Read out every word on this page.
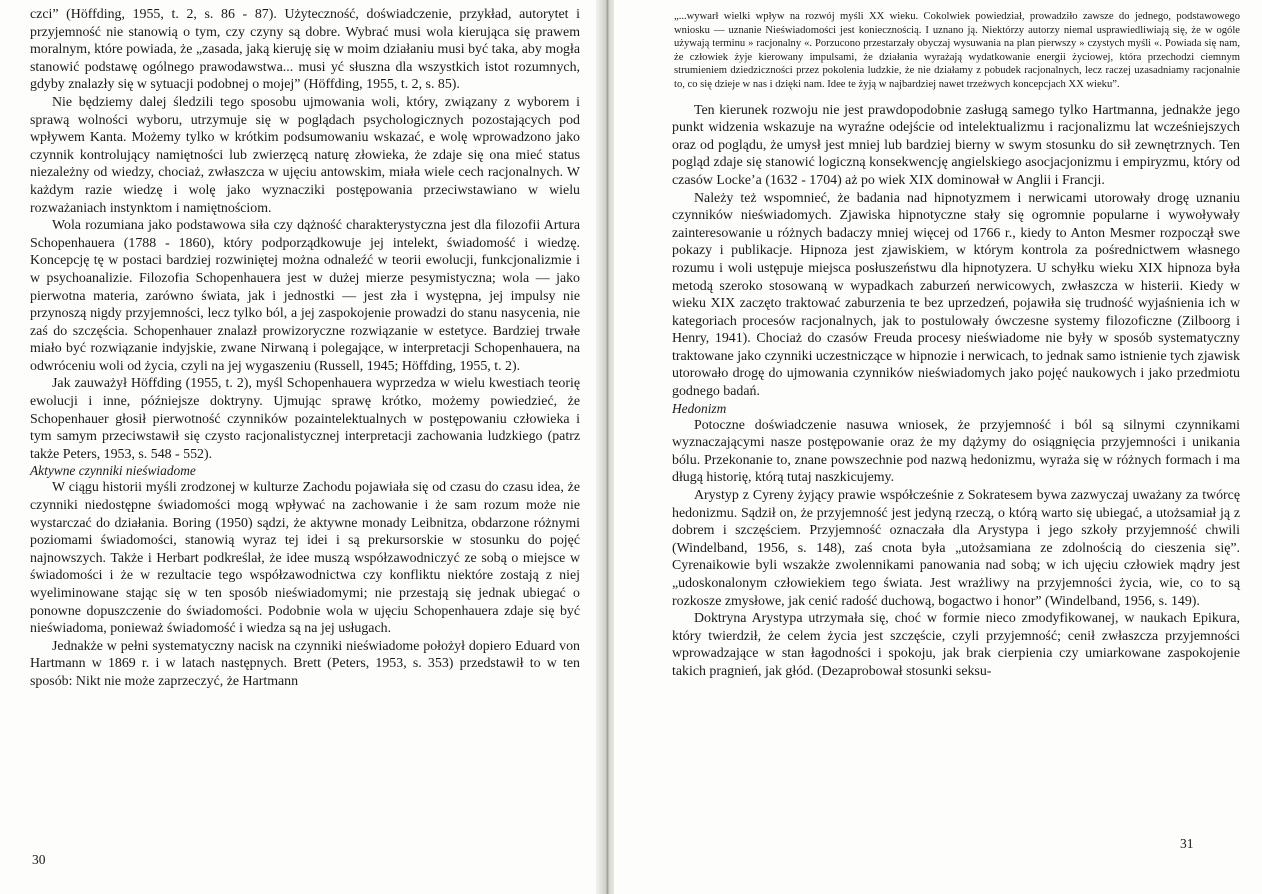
czci” (Höffding, 1955, t. 2, s. 86 - 87). Użyteczność, doświadczenie, przykład, autorytet i przyjemność nie stanowią o tym, czy czyny są dobre. Wybrać musi wola kierująca się prawem moralnym, które powiada, że „zasada, jaką kieruję się w moim działaniu musi być taka, aby mogła stanowić podstawę ogólnego prawodawstwa... musi yć słuszna dla wszystkich istot rozumnych, gdyby znalazły się w sytuacji podobnej o mojej” (Höffding, 1955, t. 2, s. 85).

Nie będziemy dalej śledzili tego sposobu ujmowania woli, który, związany z wyborem i sprawą wolności wyboru, utrzymuje się w poglądach psychologicznych pozostających pod wpływem Kanta. Możemy tylko w krótkim podsumowaniu wskazać, e wolę wprowadzono jako czynnik kontrolujący namiętności lub zwierzęcą naturę złowieka, że zdaje się ona mieć status niezależny od wiedzy, chociaż, zwłaszcza w ujęciu antowskim, miała wiele cech racjonalnych. W każdym razie wiedzę i wolę jako wyznacziki postępowania przeciwstawiano w wielu rozważaniach instynktom i namiętnościom.

Wola rozumiana jako podstawowa siła czy dążność charakterystyczna jest dla filozofii Artura Schopenhauera (1788 - 1860), który podporządkowuje jej intelekt, świadomość i wiedzę. Koncepcję tę w postaci bardziej rozwiniętej można odnaleźć w teorii ewolucji, funkcjonalizmie i w psychoanalizie. Filozofia Schopenhauera jest w dużej mierze pesymistyczna; wola — jako pierwotna materia, zarówno świata, jak i jednostki — jest zła i występna, jej impulsy nie przynoszą nigdy przyjemności, lecz tylko ból, a jej zaspokojenie prowadzi do stanu nasycenia, nie zaś do szczęścia. Schopenhauer znalazł prowizoryczne rozwiązanie w estetyce. Bardziej trwałe miało być rozwiązanie indyjskie, zwane Nirwaną i polegające, w interpretacji Schopenhauera, na odwróceniu woli od życia, czyli na jej wygaszeniu (Russell, 1945; Höffding, 1955, t. 2).

Jak zauważył Höffding (1955, t. 2), myśl Schopenhauera wyprzedza w wielu kwestiach teorię ewolucji i inne, późniejsze doktryny. Ujmując sprawę krótko, możemy powiedzieć, że Schopenhauer głosił pierwotność czynników pozaintelektualnych w postępowaniu człowieka i tym samym przeciwstawił się czysto racjonalistycznej interpretacji zachowania ludzkiego (patrz także Peters, 1953, s. 548 - 552).

Aktywne czynniki nieświadome

W ciągu historii myśli zrodzonej w kulturze Zachodu pojawiała się od czasu do czasu idea, że czynniki niedostępne świadomości mogą wpływać na zachowanie i że sam rozum może nie wystarczać do działania. Boring (1950) sądzi, że aktywne monady Leibnitza, obdarzone różnymi poziomami świadomości, stanowią wyraz tej idei i są prekursorskie w stosunku do pojęć najnowszych. Także i Herbart podkreślał, że idee muszą współzawodniczyć ze sobą o miejsce w świadomości i że w rezultacie tego współzawodnictwa czy konfliktu niektóre zostają z niej wyeliminowane stając się w ten sposób nieświadomymi; nie przestają się jednak ubiegać o ponowne dopuszczenie do świadomości. Podobnie wola w ujęciu Schopenhauera zdaje się być nieświadoma, ponieważ świadomość i wiedza są na jej usługach.

Jednakże w pełni systematyczny nacisk na czynniki nieświadome położył dopiero Eduard von Hartmann w 1869 r. i w latach następnych. Brett (Peters, 1953, s. 353) przedstawił to w ten sposób: Nikt nie może zaprzeczyć, że Hartmann

30

„...wywarł wielki wpływ na rozwój myśli XX wieku. Cokolwiek powiedział, prowadziło zawsze do jednego, podstawowego wniosku — uznanie Nieświadomości jest koniecznością. I uznano ją. Niektórzy autorzy niemal usprawiedliwiają się, że w ogóle używają terminu » racjonalny «. Porzucono przestarzały obyczaj wysuwania na plan pierwszy » czystych myśli «. Powiada się nam, że człowiek żyje kierowany impulsami, że działania wyrażają wydatkowanie energii życiowej, która przechodzi ciemnym strumieniem dziedziczności przez pokolenia ludzkie, że nie działamy z pobudek racjonalnych, lecz raczej uzasadniamy racjonalnie to, co się dzieje w nas i dzięki nam. Idee te żyją w najbardziej nawet trzeźwych koncepcjach XX wieku”.

Ten kierunek rozwoju nie jest prawdopodobnie zasługą samego tylko Hartmanna, jednakże jego punkt widzenia wskazuje na wyraźne odejście od intelektualizmu i racjonalizmu lat wcześniejszych oraz od poglądu, że umysł jest mniej lub bardziej bierny w swym stosunku do sił zewnętrznych. Ten pogląd zdaje się stanowić logiczną konsekwencję angielskiego asocjacjonizmu i empiryzmu, który od czasów Locke’a (1632 - 1704) aż po wiek XIX dominował w Anglii i Francji.

Należy też wspomnieć, że badania nad hipnotyzmem i nerwicami utorowały drogę uznaniu czynników nieświadomych. Zjawiska hipnotyczne stały się ogromnie popularne i wywoływały zainteresowanie u różnych badaczy mniej więcej od 1766 r., kiedy to Anton Mesmer rozpoczął swe pokazy i publikacje. Hipnoza jest zjawiskiem, w którym kontrola za pośrednictwem własnego rozumu i woli ustępuje miejsca posłuszeństwu dla hipnotyzera. U schyłku wieku XIX hipnoza była metodą szeroko stosowaną w wypadkach zaburzeń nerwicowych, zwłaszcza w histerii. Kiedy w wieku XIX zaczęto traktować zaburzenia te bez uprzedzeń, pojawiła się trudność wyjaśnienia ich w kategoriach procesów racjonalnych, jak to postulowały ówczesne systemy filozoficzne (Zilboorg i Henry, 1941). Chociaż do czasów Freuda procesy nieświadome nie były w sposób systematyczny traktowane jako czynniki uczestniczące w hipnozie i nerwicach, to jednak samo istnienie tych zjawisk utorowało drogę do ujmowania czynników nieświadomych jako pojęć naukowych i jako przedmiotu godnego badań.

Hedonizm

Potoczne doświadczenie nasuwa wniosek, że przyjemność i ból są silnymi czynnikami wyznaczającymi nasze postępowanie oraz że my dążymy do osiągnięcia przyjemności i unikania bólu. Przekonanie to, znane powszechnie pod nazwą hedonizmu, wyraża się w różnych formach i ma długą historię, którą tutaj naszkicujemy.

Arystyp z Cyreny żyjący prawie współcześnie z Sokratesem bywa zazwyczaj uważany za twórcę hedonizmu. Sądził on, że przyjemność jest jedyną rzeczą, o którą warto się ubiegać, a utożsamiał ją z dobrem i szczęściem. Przyjemność oznaczała dla Arystypa i jego szkoły przyjemność chwili (Windelband, 1956, s. 148), zaś cnota była „utożsamiana ze zdolnością do cieszenia się”. Cyrenaikowie byli wszakże zwolennikami panowania nad sobą; w ich ujęciu człowiek mądry jest „udoskonalonym człowiekiem tego świata. Jest wrażliwy na przyjemności życia, wie, co to są rozkosze zmysłowe, jak cenić radość duchową, bogactwo i honor” (Windelband, 1956, s. 149).

Doktryna Arystypa utrzymała się, choć w formie nieco zmodyfikowanej, w naukach Epikura, który twierdził, że celem życia jest szczęście, czyli przyjemność; cenił zwłaszcza przyjemności wprowadzające w stan łagodności i spokoju, jak brak cierpienia czy umiarkowane zaspokojenie takich pragnień, jak głód. (Dezaprobował stosunki seksu-

31
